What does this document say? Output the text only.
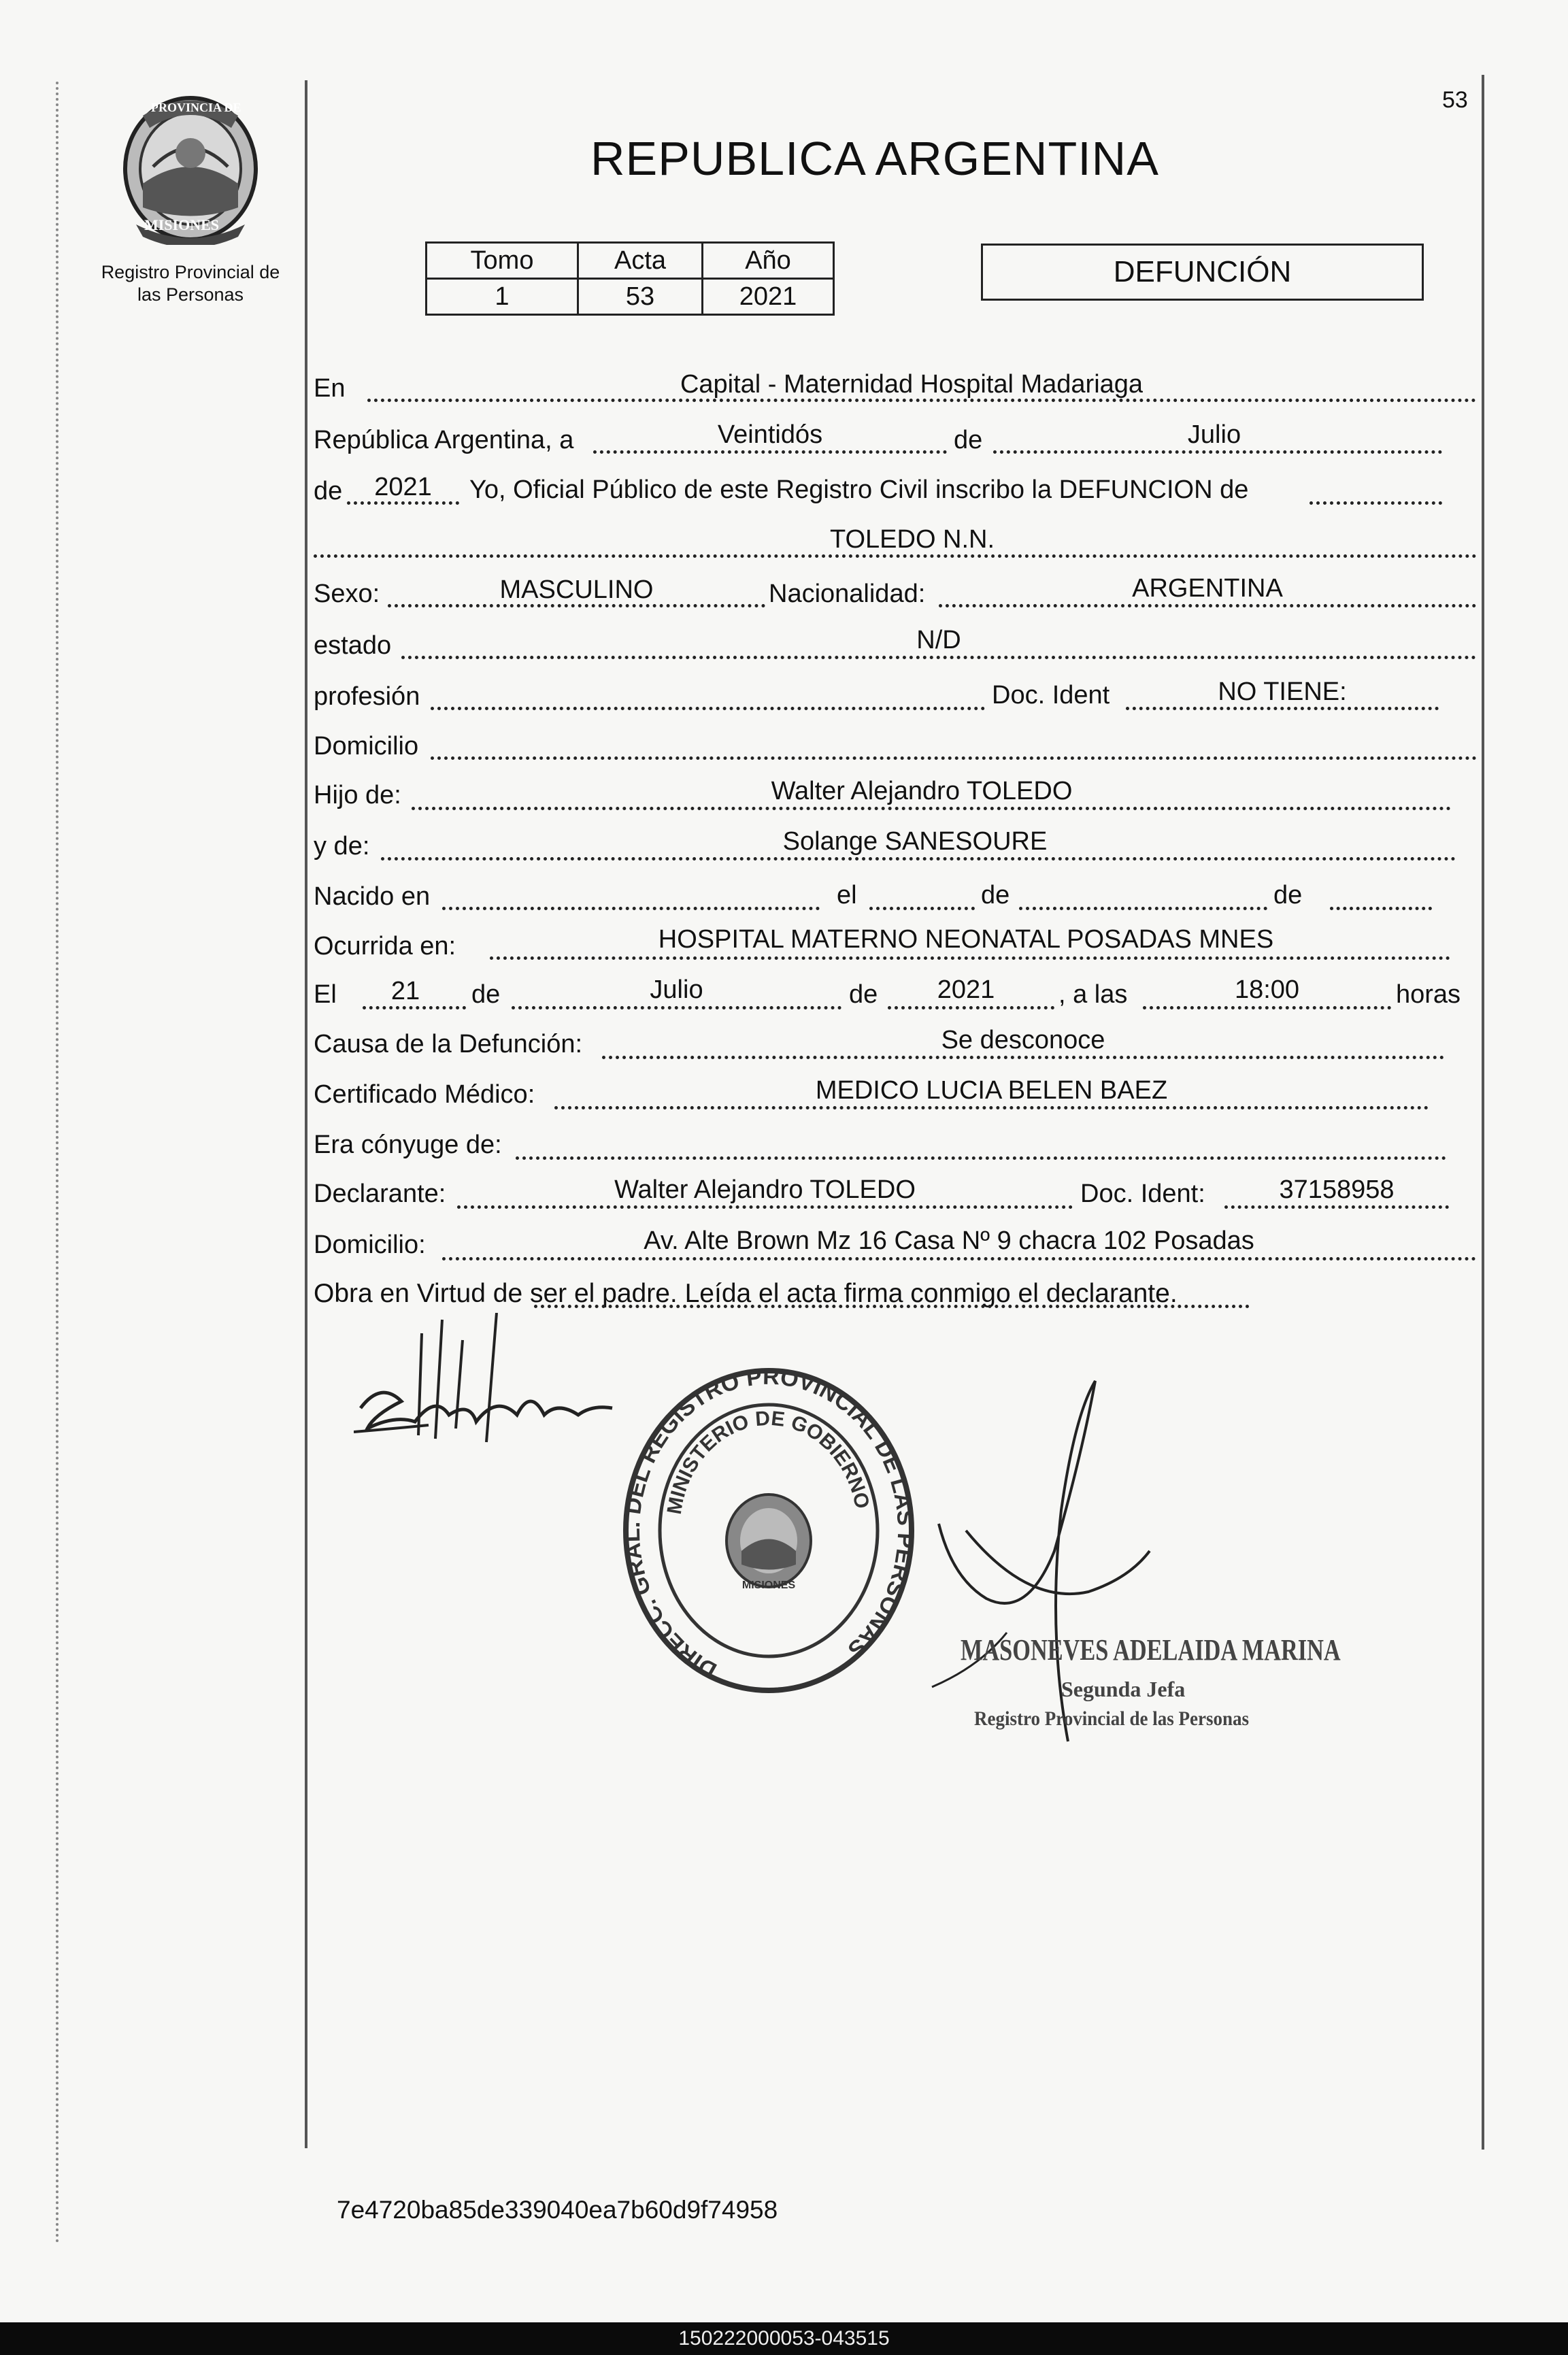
PROVINCIA DE
MISIONES
Registro Provincial de
las Personas
53
REPUBLICA ARGENTINA
Tomo	Acta	Año
1	53	2021
DEFUNCIÓN
En	Capital - Maternidad Hospital Madariaga
República Argentina, a	Veintidós	de	Julio
de	2021	Yo, Oficial Público de este Registro Civil inscribo la DEFUNCION de
TOLEDO N.N.
Sexo:	MASCULINO	Nacionalidad:	ARGENTINA
estado	N/D
profesión	Doc. Ident	NO TIENE:
Domicilio
Hijo de:	Walter Alejandro TOLEDO
y de:	Solange SANESOURE
Nacido en	el	de	de
Ocurrida en:	HOSPITAL MATERNO NEONATAL POSADAS MNES
El	21	de	Julio	de	2021	, a las	18:00	horas
Causa de la Defunción:	Se desconoce
Certificado Médico:	MEDICO LUCIA BELEN BAEZ
Era cónyuge de:
Declarante:	Walter Alejandro TOLEDO	Doc. Ident:	37158958
Domicilio:	Av. Alte Brown Mz 16 Casa Nº 9 chacra 102 Posadas
Obra en Virtud de ser el padre. Leída el acta firma conmigo el declarante.
DIRECC. GRAL. DEL REGISTRO PROVINCIAL DE LAS PERSONAS
MINISTERIO DE GOBIERNO
MISIONES
MASONEVES ADELAIDA MARINA
Segunda Jefa
Registro Provincial de las Personas
7e4720ba85de339040ea7b60d9f74958
150222000053-043515
